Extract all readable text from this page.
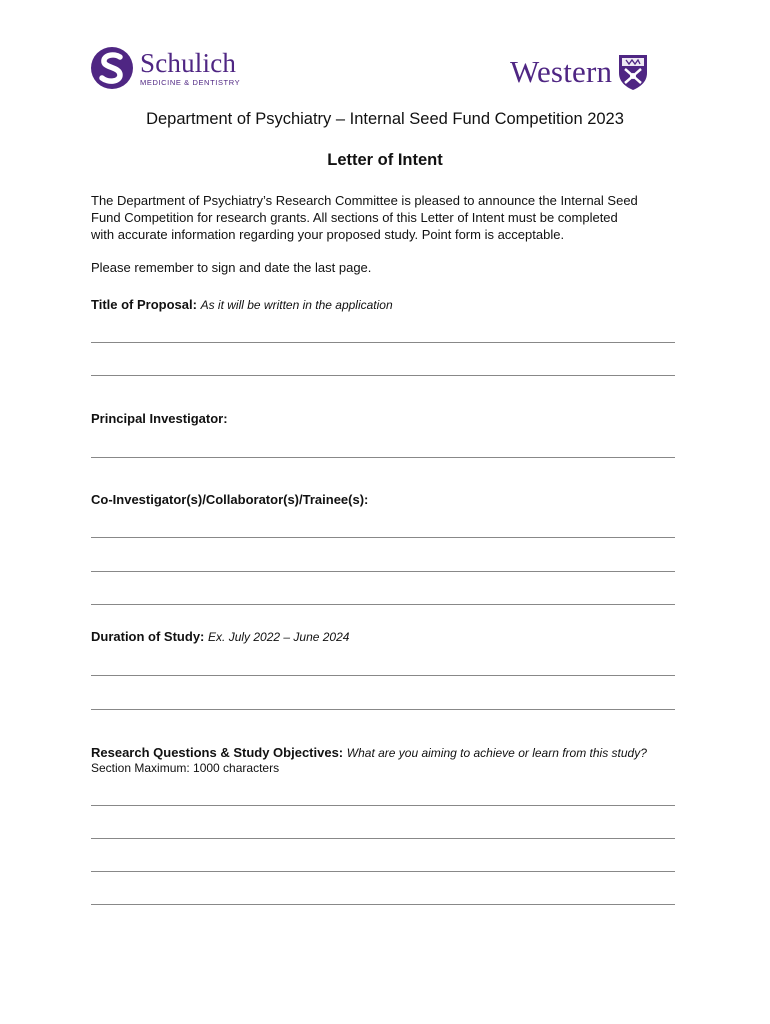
Schulich
MEDICINE & DENTISTRY	Western
Department of Psychiatry – Internal Seed Fund Competition 2023
Letter of Intent
The Department of Psychiatry’s Research Committee is pleased to announce the Internal Seed
Fund Competition for research grants. All sections of this Letter of Intent must be completed
with accurate information regarding your proposed study. Point form is acceptable.
Please remember to sign and date the last page.
Title of Proposal: As it will be written in the application
Principal Investigator:
Co-Investigator(s)/Collaborator(s)/Trainee(s):
Duration of Study: Ex. July 2022 – June 2024
Research Questions & Study Objectives: What are you aiming to achieve or learn from this study?
Section Maximum: 1000 characters
